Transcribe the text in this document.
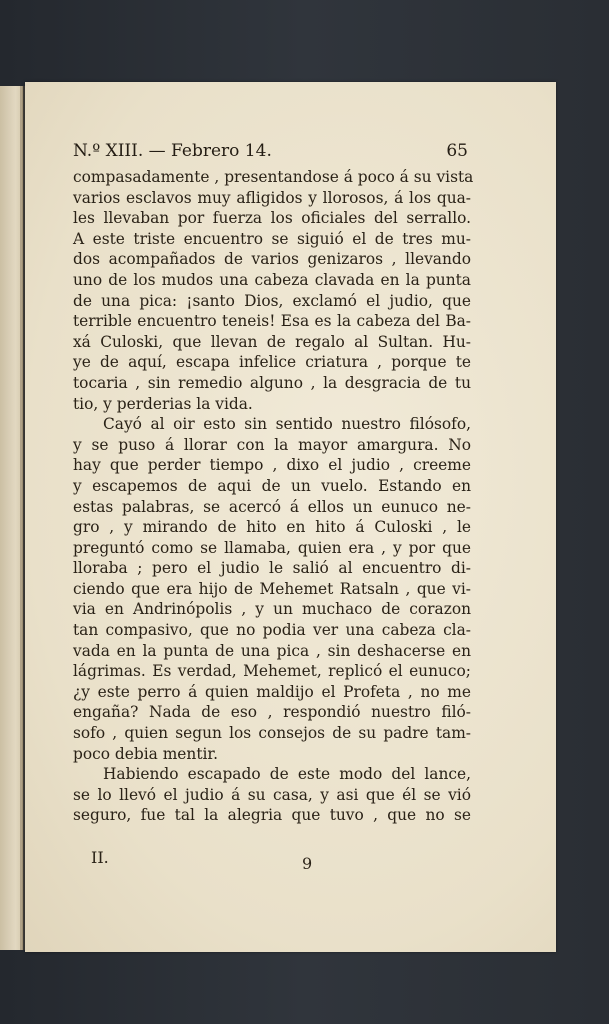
N.º XIII. — Febrero 14.	65
compasadamente , presentandose á poco á su vista
varios esclavos muy afligidos y llorosos, á los qua-
les llevaban por fuerza los oficiales del serrallo.
A este triste encuentro se siguió el de tres mu-
dos acompañados de varios genizaros , llevando
uno de los mudos una cabeza clavada en la punta
de una pica: ¡santo Dios, exclamó el judio, que
terrible encuentro teneis! Esa es la cabeza del Ba-
xá Culoski, que llevan de regalo al Sultan. Hu-
ye de aquí, escapa infelice criatura , porque te
tocaria , sin remedio alguno , la desgracia de tu
tio, y perderias la vida.
Cayó al oir esto sin sentido nuestro filósofo,
y se puso á llorar con la mayor amargura. No
hay que perder tiempo , dixo el judio , creeme
y escapemos de aqui de un vuelo. Estando en
estas palabras, se acercó á ellos un eunuco ne-
gro , y mirando de hito en hito á Culoski , le
preguntó como se llamaba, quien era , y por que
lloraba ; pero el judio le salió al encuentro di-
ciendo que era hijo de Mehemet Ratsaln , que vi-
via en Andrinópolis , y un muchaco de corazon
tan compasivo, que no podia ver una cabeza cla-
vada en la punta de una pica , sin deshacerse en
lágrimas. Es verdad, Mehemet, replicó el eunuco;
¿y este perro á quien maldijo el Profeta , no me
engaña? Nada de eso , respondió nuestro filó-
sofo , quien segun los consejos de su padre tam-
poco debia mentir.
Habiendo escapado de este modo del lance,
se lo llevó el judio á su casa, y asi que él se vió
seguro, fue tal la alegria que tuvo , que no se
II.	9
